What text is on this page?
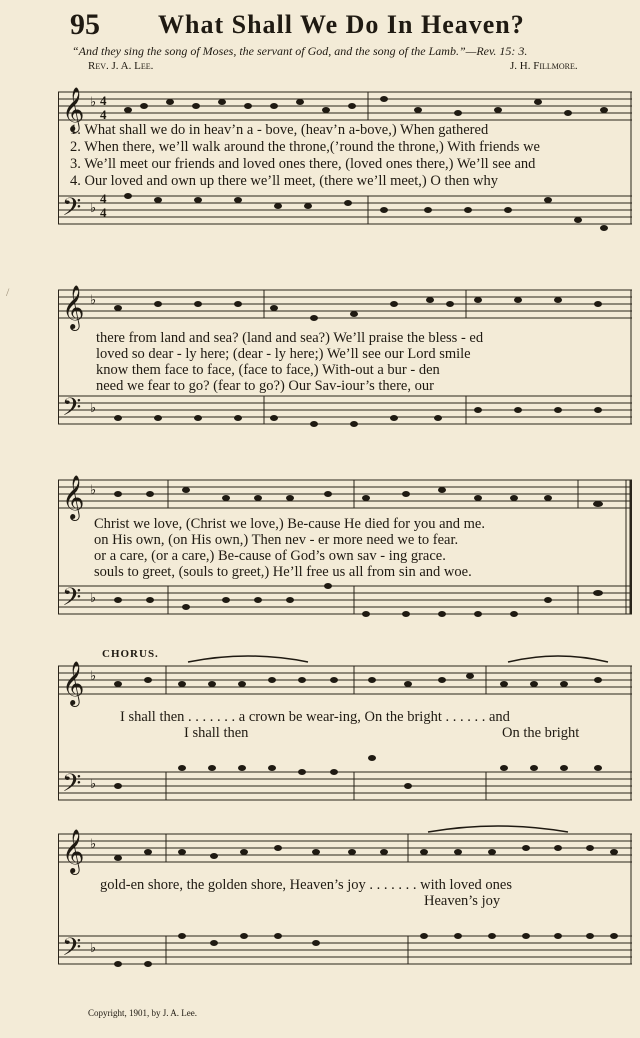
95 What Shall We Do In Heaven?
“And they sing the song of Moses, the servant of God, and the song of the Lamb.”—Rev. 15: 3.
Rev. J. A. Lee.	J. H. Fillmore.
/
𝄞
𝄢
♭ 4
4
♭
4
4
1. What shall we do in heav’n a - bove, (heav’n a-bove,) When gathered
2. When there, we’ll walk around the throne,(’round the throne,) With friends we
3. We’ll meet our friends and loved ones there, (loved ones there,) We’ll see and
4. Our loved and own up there we’ll meet, (there we’ll meet,) O then why
𝄞
𝄢
♭
♭
there from land and sea? (land and sea?) We’ll praise the bless - ed
loved so dear - ly here; (dear - ly here;) We’ll see our Lord smile
know them face to face, (face to face,) With-out a bur - den
need we fear to go? (fear to go?) Our Sav-iour’s there, our
𝄞
𝄢
♭
♭
Christ we love, (Christ we love,) Be-cause He died for you and me.
on His own, (on His own,) Then nev - er more need we to fear.
or a care, (or a care,) Be-cause of God’s own sav - ing grace.
souls to greet, (souls to greet,) He’ll free us all from sin and woe.
CHORUS.
𝄞
𝄢
♭
♭
I shall then . . . . . . . a crown be wear-ing, On the bright . . . . . . and
I shall then	On the bright
𝄞
𝄢
♭
♭
gold-en shore, the golden shore, Heaven’s joy . . . . . . . with loved ones
Heaven’s joy
Copyright, 1901, by J. A. Lee.
